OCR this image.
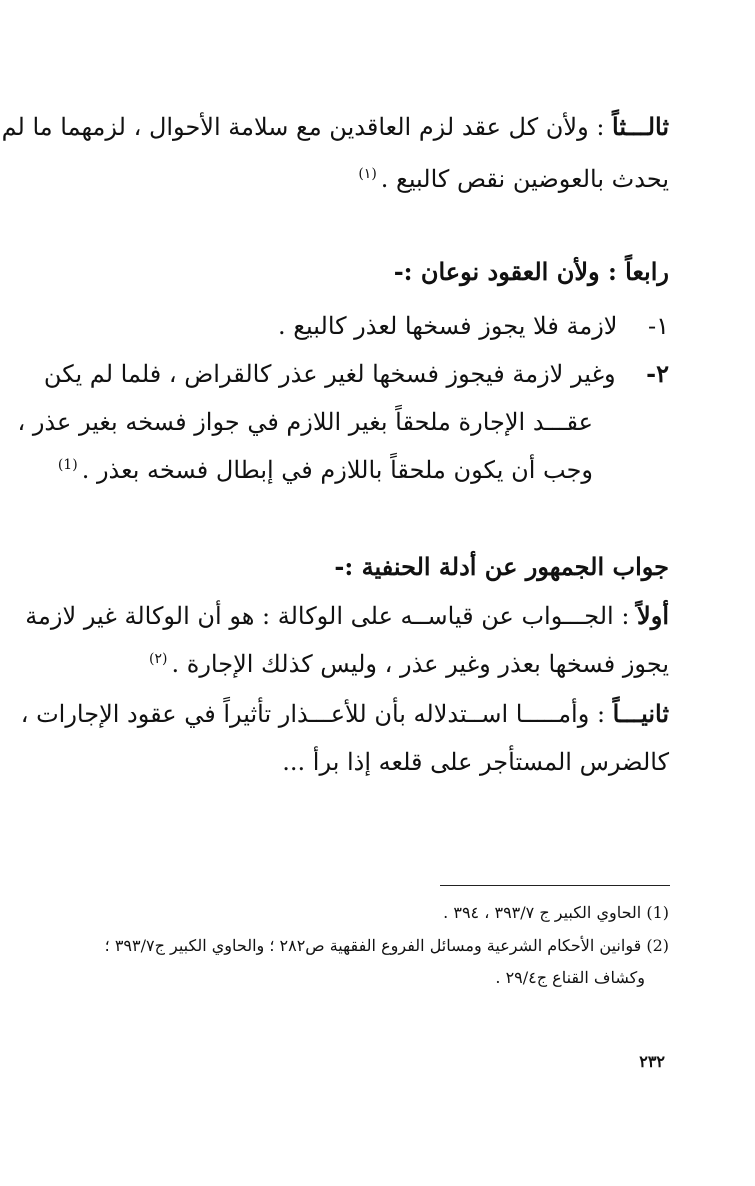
ثالـــثاً : ولأن كل عقد لزم العاقدين مع سلامة الأحوال ، لزمهما ما لم
يحدث بالعوضين نقص كالبيع .$^{(١)}$
رابعاً : ولأن العقود نوعان :-
١-    لازمة فلا يجوز فسخها لعذر كالبيع .
٢-    وغير لازمة فيجوز فسخها لغير عذر كالقراض ، فلما لم يكن
عقـــد الإجارة ملحقاً بغير اللازم في جواز فسخه بغير عذر ،
وجب أن يكون ملحقاً باللازم في إبطال فسخه بعذر .$^{(1)}$
جواب الجمهور عن أدلة الحنفية :-
أولاً : الجـــواب عن قياســه على الوكالة : هو أن الوكالة غير لازمة
يجوز فسخها بعذر وغير عذر ، وليس كذلك الإجارة .$^{(٢)}$
ثانيـــاً : وأمـــــا اســتدلاله بأن للأعـــذار تأثيراً في عقود الإجارات ،
كالضرس المستأجر على قلعه إذا برأ ...
(1) الحاوي الكبير ج ٣٩٣/٧ ، ٣٩٤ .
(2) قوانين الأحكام الشرعية ومسائل الفروع الفقهية ص٢٨٢ ؛ والحاوي الكبير ج٣٩٣/٧ ؛
وكشاف القناع ج٢٩/٤ .
٢٣٢
